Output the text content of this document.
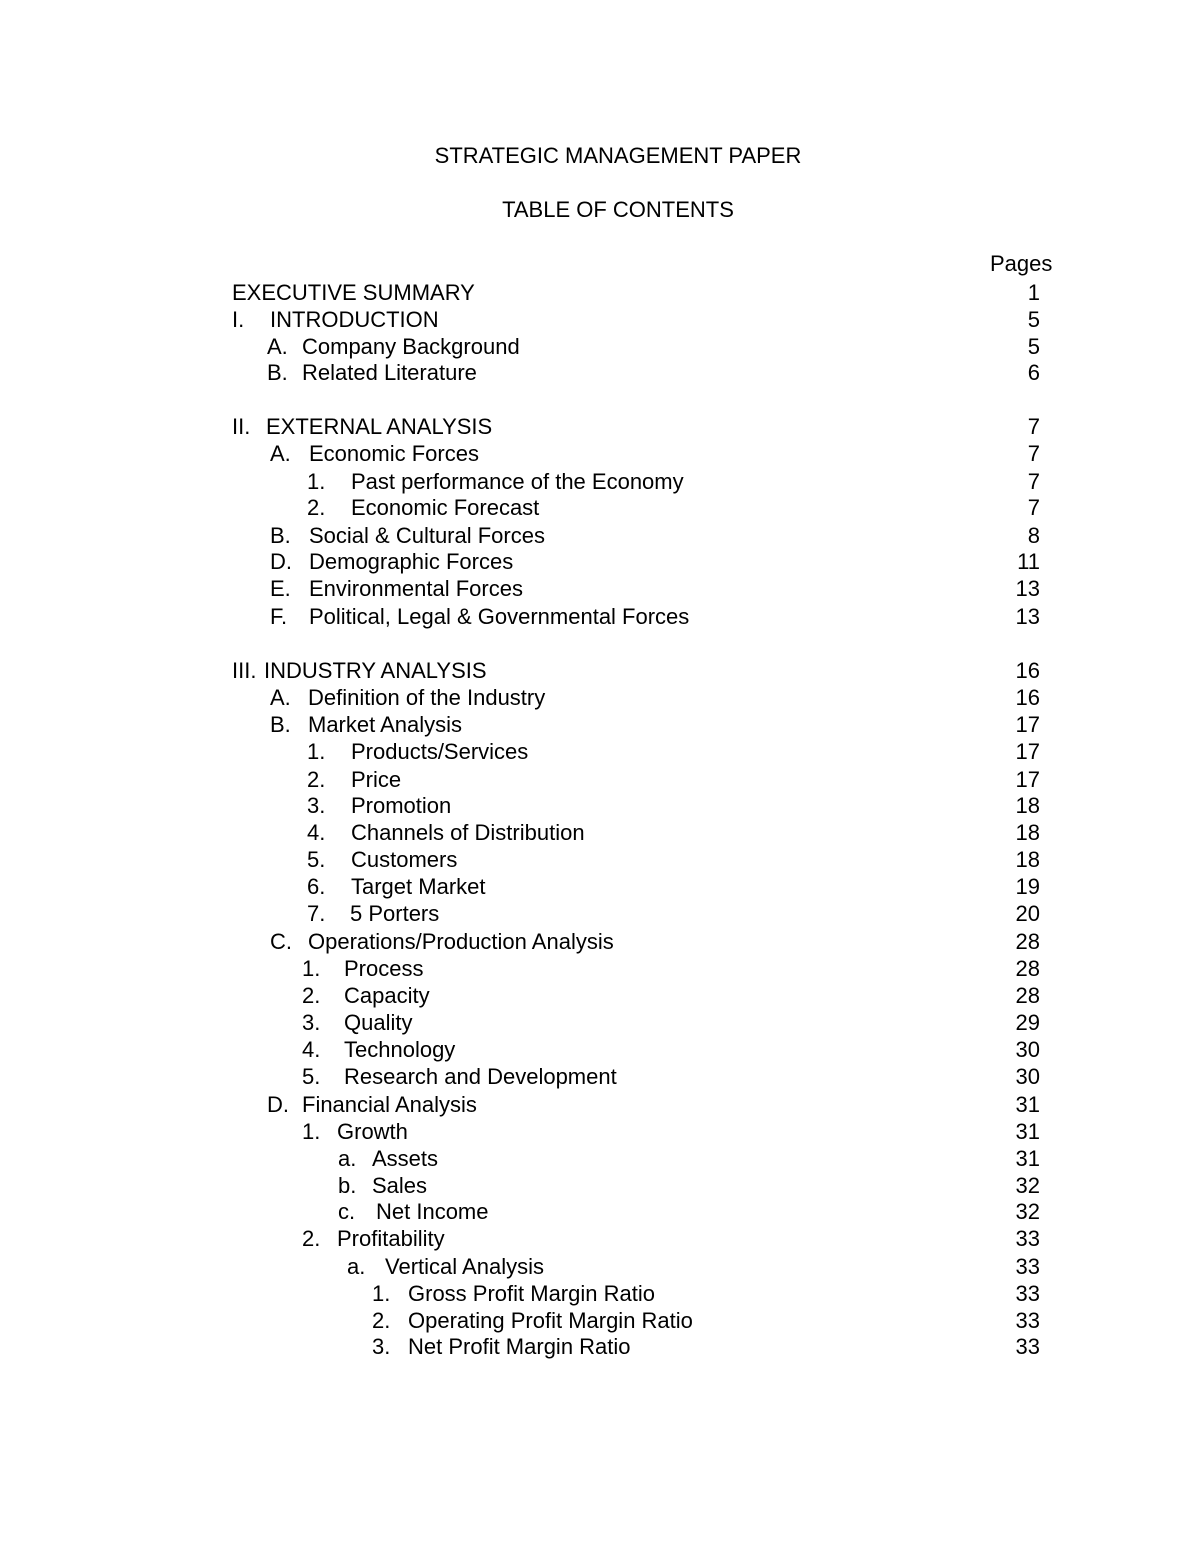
STRATEGIC MANAGEMENT PAPER
TABLE OF CONTENTS
Pages
EXECUTIVE SUMMARY	1
I. INTRODUCTION	5
A. Company Background	5
B. Related Literature	6
II. EXTERNAL ANALYSIS	7
A. Economic Forces	7
1. Past performance of the Economy	7
2. Economic Forecast	7
B. Social & Cultural Forces	8
D. Demographic Forces	11
E. Environmental Forces	13
F. Political, Legal & Governmental Forces	13
III. INDUSTRY ANALYSIS	16
A. Definition of the Industry	16
B. Market Analysis	17
1. Products/Services	17
2. Price	17
3. Promotion	18
4. Channels of Distribution	18
5. Customers	18
6. Target Market	19
7. 5 Porters	20
C. Operations/Production Analysis	28
1. Process	28
2. Capacity	28
3. Quality	29
4. Technology	30
5. Research and Development	30
D. Financial Analysis	31
1. Growth	31
a. Assets	31
b. Sales	32
c. Net Income	32
2. Profitability	33
a. Vertical Analysis	33
1. Gross Profit Margin Ratio	33
2. Operating Profit Margin Ratio	33
3. Net Profit Margin Ratio	33
